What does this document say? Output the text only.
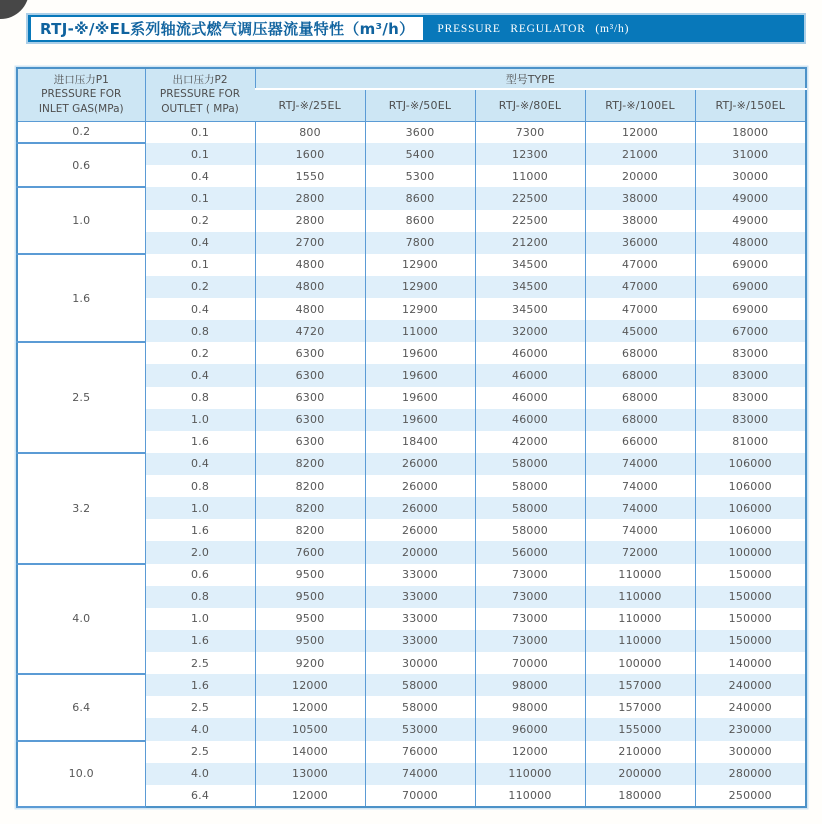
RTJ-※/※EL系列轴流式燃气调压器流量特性（m³/h） PRESSURE REGULATOR (m³/h)
进口压力P1
PRESSURE FOR
INLET GAS(MPa)	出口压力P2
PRESSURE FOR
OUTLET ( MPa)	型号TYPE				
		RTJ-※/25EL	RTJ-※/50EL	RTJ-※/80EL	RTJ-※/100EL	RTJ-※/150EL
0.2	0.1	800	3600	7300	12000	18000
0.6	0.1	1600	5400	12300	21000	31000
	0.4	1550	5300	11000	20000	30000
1.0	0.1	2800	8600	22500	38000	49000
	0.2	2800	8600	22500	38000	49000
	0.4	2700	7800	21200	36000	48000
1.6	0.1	4800	12900	34500	47000	69000
	0.2	4800	12900	34500	47000	69000
	0.4	4800	12900	34500	47000	69000
	0.8	4720	11000	32000	45000	67000
2.5	0.2	6300	19600	46000	68000	83000
	0.4	6300	19600	46000	68000	83000
	0.8	6300	19600	46000	68000	83000
	1.0	6300	19600	46000	68000	83000
	1.6	6300	18400	42000	66000	81000
3.2	0.4	8200	26000	58000	74000	106000
	0.8	8200	26000	58000	74000	106000
	1.0	8200	26000	58000	74000	106000
	1.6	8200	26000	58000	74000	106000
	2.0	7600	20000	56000	72000	100000
4.0	0.6	9500	33000	73000	110000	150000
	0.8	9500	33000	73000	110000	150000
	1.0	9500	33000	73000	110000	150000
	1.6	9500	33000	73000	110000	150000
	2.5	9200	30000	70000	100000	140000
6.4	1.6	12000	58000	98000	157000	240000
	2.5	12000	58000	98000	157000	240000
	4.0	10500	53000	96000	155000	230000
10.0	2.5	14000	76000	12000	210000	300000
	4.0	13000	74000	110000	200000	280000
	6.4	12000	70000	110000	180000	250000
